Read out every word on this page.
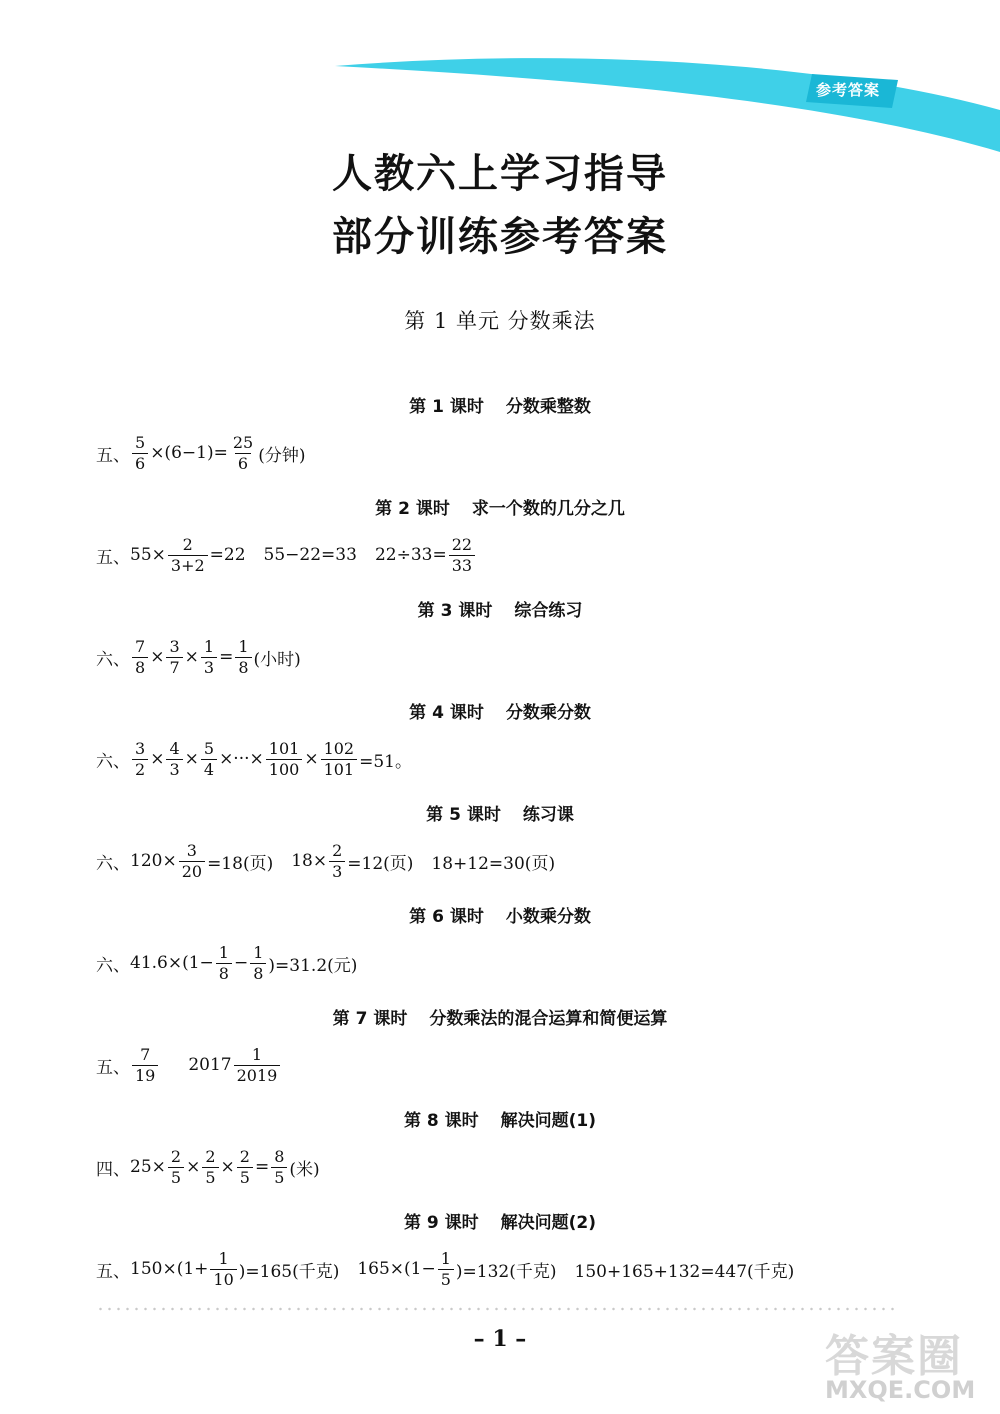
参考答案
人教六上学习指导
部分训练参考答案
第 1 单元 分数乘法
第 1 课时 分数乘整数
五、 $\frac{5}{6} \times(6-1)= \frac{25}{6}$ (分钟)
第 2 课时 求一个数的几分之几
五、 $55\times \frac{2}{3+2} =22$ 55−22=33 $22\div 33= \frac{22}{33}$
第 3 课时 综合练习
六、 $\frac{7}{8} \times \frac{3}{7} \times \frac{1}{3} = \frac{1}{8}$ (小时)
第 4 课时 分数乘分数
六、 $\frac{3}{2} \times \frac{4}{3} \times \frac{5}{4}$ ×···× $\frac{101}{100} \times \frac{102}{101} =51$。
第 5 课时 练习课
六、 $120\times \frac{3}{20} =18$(页) $18\times \frac{2}{3} =12$(页) 18+12=30(页)
第 6 课时 小数乘分数
六、 $41.6\times(1- \frac{1}{8} - \frac{1}{8} )=31.2$(元)
第 7 课时 分数乘法的混合运算和简便运算
五、 $\frac{7}{19} 2017 \frac{1}{2019}$
第 8 课时 解决问题(1)
四、 $25\times \frac{2}{5} \times \frac{2}{5} \times \frac{2}{5} = \frac{8}{5}$ (米)
第 9 课时 解决问题(2)
五、 $150\times(1+ \frac{1}{10} )=165$(千克) $165\times(1- \frac{1}{5} )=132$(千克) 150+165+132=447(千克)
– 1 –	答案圈
MXQE.COM
